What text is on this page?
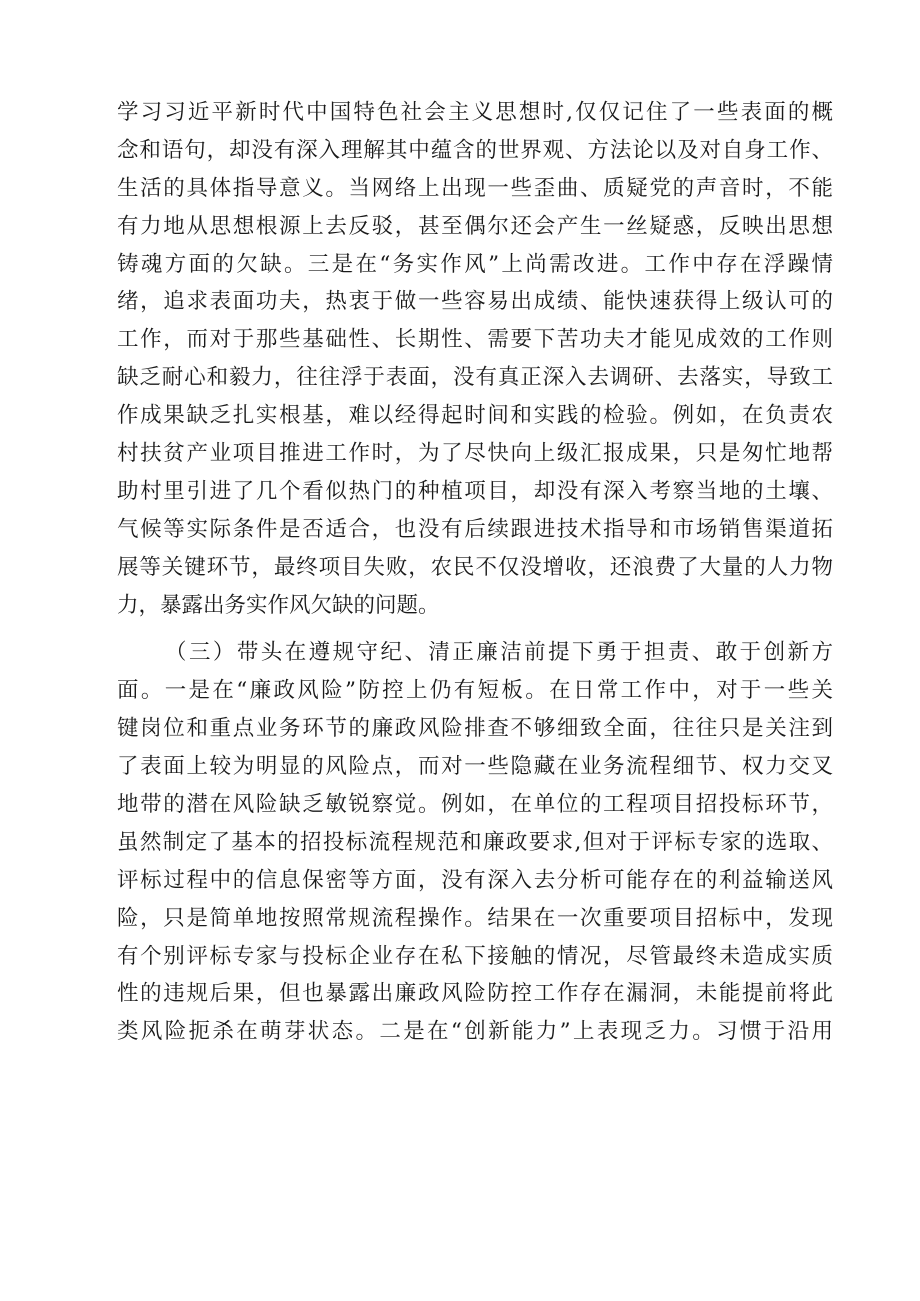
学习习近平新时代中国特色社会主义思想时,仅仅记住了一些表面的概
念和语句，却没有深入理解其中蕴含的世界观、方法论以及对自身工作、
生活的具体指导意义。当网络上出现一些歪曲、质疑党的声音时，不能
有力地从思想根源上去反驳，甚至偶尔还会产生一丝疑惑，反映出思想
铸魂方面的欠缺。三是在“务实作风”上尚需改进。工作中存在浮躁情
绪，追求表面功夫，热衷于做一些容易出成绩、能快速获得上级认可的
工作，而对于那些基础性、长期性、需要下苦功夫才能见成效的工作则
缺乏耐心和毅力，往往浮于表面，没有真正深入去调研、去落实，导致工
作成果缺乏扎实根基，难以经得起时间和实践的检验。例如，在负责农
村扶贫产业项目推进工作时，为了尽快向上级汇报成果，只是匆忙地帮
助村里引进了几个看似热门的种植项目，却没有深入考察当地的土壤、
气候等实际条件是否适合，也没有后续跟进技术指导和市场销售渠道拓
展等关键环节，最终项目失败，农民不仅没增收，还浪费了大量的人力物
力，暴露出务实作风欠缺的问题。
（三）带头在遵规守纪、清正廉洁前提下勇于担责、敢于创新方
面。一是在“廉政风险”防控上仍有短板。在日常工作中，对于一些关
键岗位和重点业务环节的廉政风险排查不够细致全面，往往只是关注到
了表面上较为明显的风险点，而对一些隐藏在业务流程细节、权力交叉
地带的潜在风险缺乏敏锐察觉。例如，在单位的工程项目招投标环节，
虽然制定了基本的招投标流程规范和廉政要求,但对于评标专家的选取、
评标过程中的信息保密等方面，没有深入去分析可能存在的利益输送风
险，只是简单地按照常规流程操作。结果在一次重要项目招标中，发现
有个别评标专家与投标企业存在私下接触的情况，尽管最终未造成实质
性的违规后果，但也暴露出廉政风险防控工作存在漏洞，未能提前将此
类风险扼杀在萌芽状态。二是在“创新能力”上表现乏力。习惯于沿用
